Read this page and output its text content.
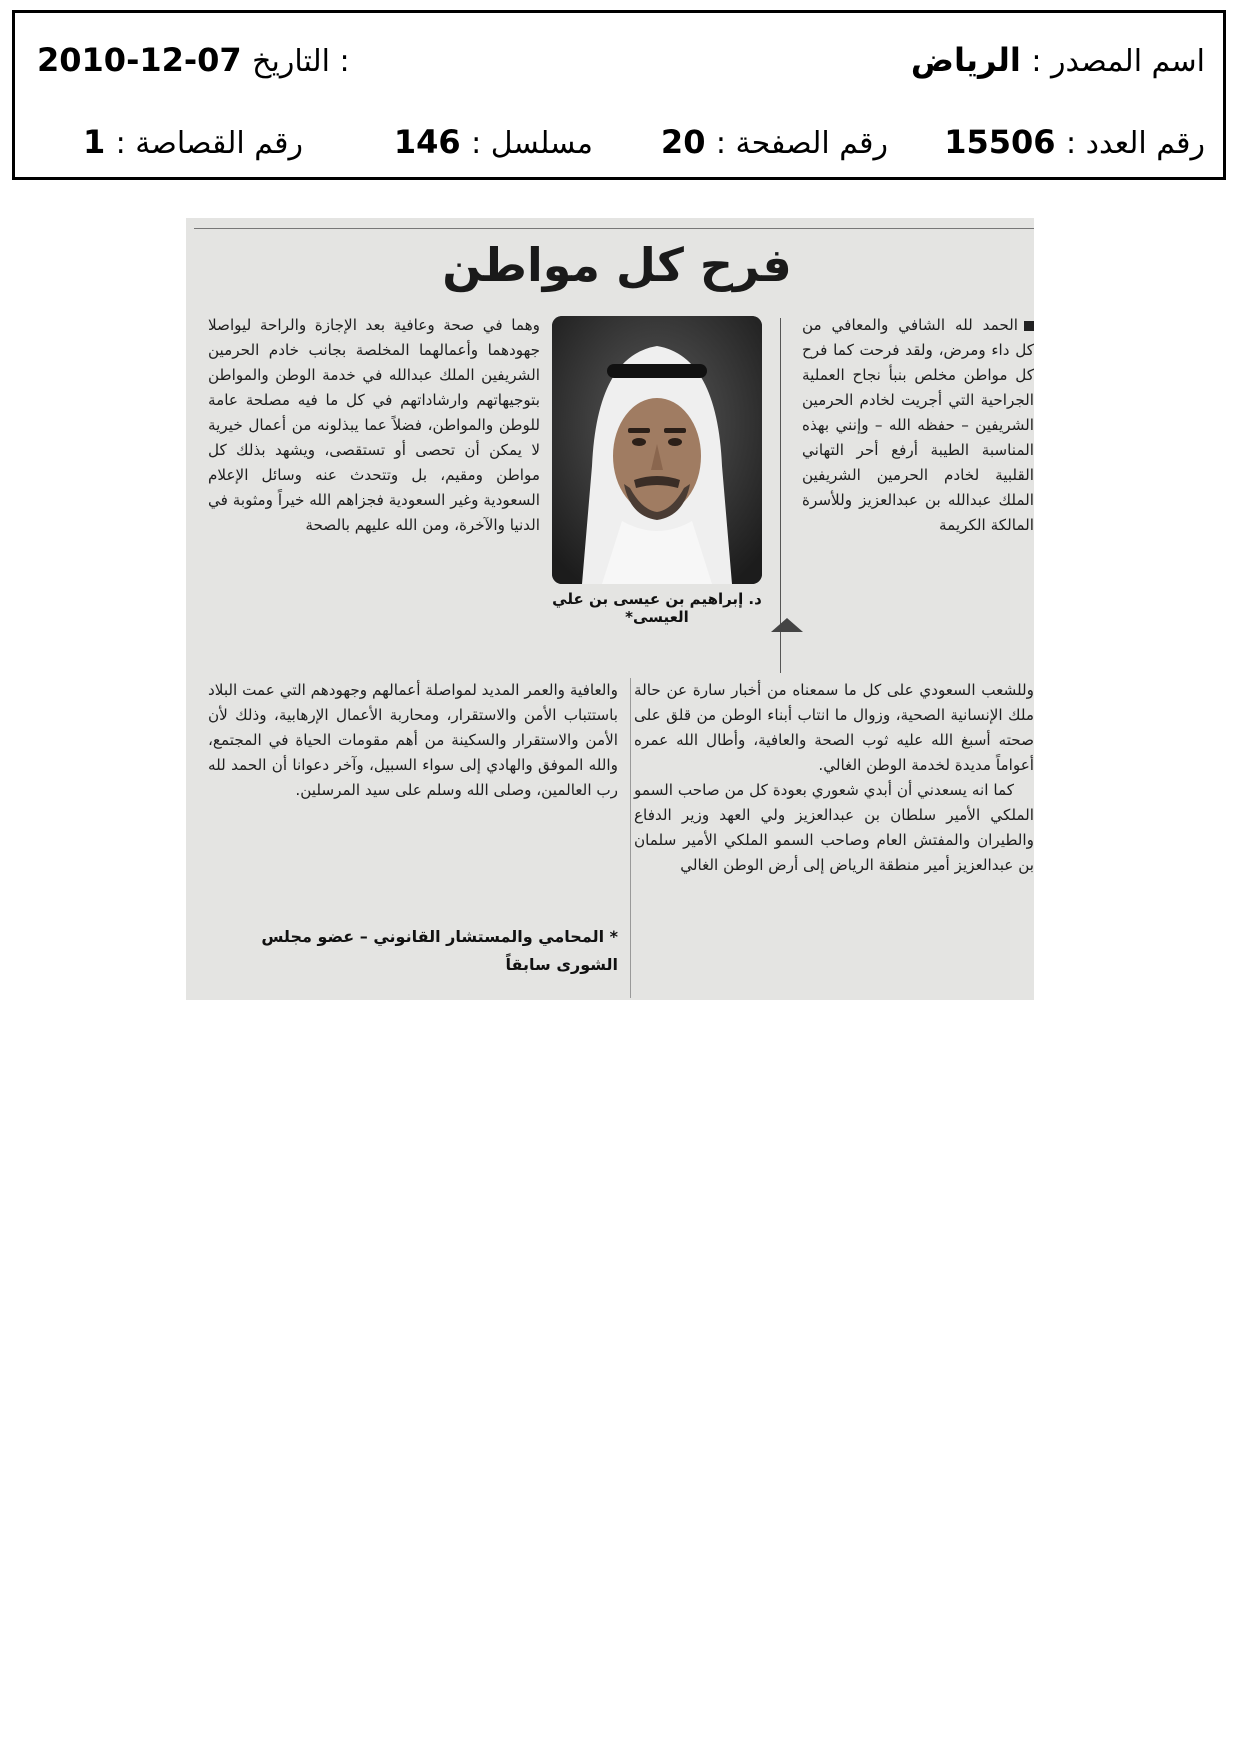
اسم المصدر : الرياض
2010-12-07 التاريخ :
رقم العدد : 15506
رقم الصفحة : 20
مسلسل : 146
رقم القصاصة : 1
فرح كل مواطن

الحمد لله الشافي والمعافي من كل داء ومرض، ولقد فرحت كما فرح كل مواطن مخلص بنبأ نجاح العملية الجراحية التي أجريت لخادم الحرمين الشريفين – حفظه الله – وإنني بهذه المناسبة الطيبة أرفع أحر التهاني القلبية لخادم الحرمين الشريفين الملك عبدالله بن عبدالعزيز وللأسرة المالكة الكريمة

د. إبراهيم بن عيسى بن علي العيسى*

وهما في صحة وعافية بعد الإجازة والراحة ليواصلا جهودهما وأعمالهما المخلصة بجانب خادم الحرمين الشريفين الملك عبدالله في خدمة الوطن والمواطن بتوجيهاتهم وارشاداتهم في كل ما فيه مصلحة عامة للوطن والمواطن، فضلاً عما يبذلونه من أعمال خيرية لا يمكن أن تحصى أو تستقصى، ويشهد بذلك كل مواطن ومقيم، بل وتتحدث عنه وسائل الإعلام السعودية وغير السعودية فجزاهم الله خيراً ومثوبة في الدنيا والآخرة، ومن الله عليهم بالصحة

وللشعب السعودي على كل ما سمعناه من أخبار سارة عن حالة ملك الإنسانية الصحية، وزوال ما انتاب أبناء الوطن من قلق على صحته أسبغ الله عليه ثوب الصحة والعافية، وأطال الله عمره أعواماً مديدة لخدمة الوطن الغالي.

كما انه يسعدني أن أبدي شعوري بعودة كل من صاحب السمو الملكي الأمير سلطان بن عبدالعزيز ولي العهد وزير الدفاع والطيران والمفتش العام وصاحب السمو الملكي الأمير سلمان بن عبدالعزيز أمير منطقة الرياض إلى أرض الوطن الغالي

والعافية والعمر المديد لمواصلة أعمالهم وجهودهم التي عمت البلاد باستتباب الأمن والاستقرار، ومحاربة الأعمال الإرهابية، وذلك لأن الأمن والاستقرار والسكينة من أهم مقومات الحياة في المجتمع، والله الموفق والهادي إلى سواء السبيل، وآخر دعوانا أن الحمد لله رب العالمين، وصلى الله وسلم على سيد المرسلين.

* المحامي والمستشار القانوني – عضو مجلس الشورى سابقاً
